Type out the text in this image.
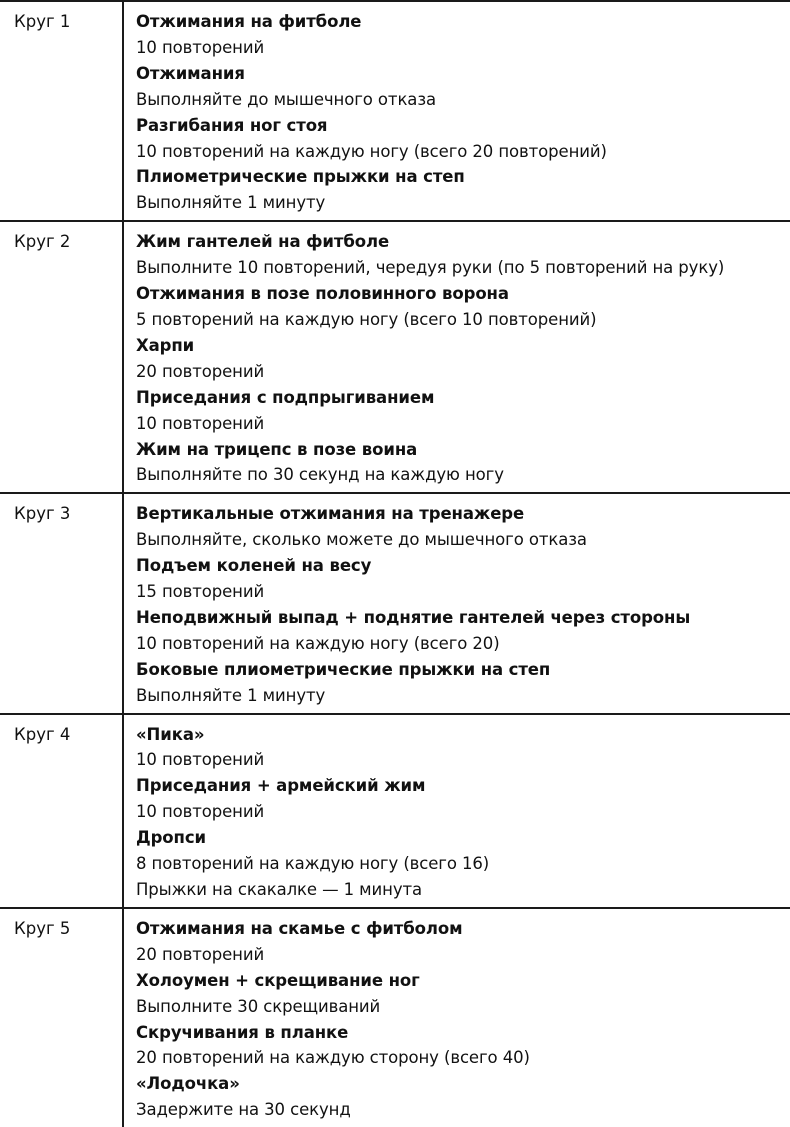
Круг 1	Отжимания на фитболе
10 повторений
Отжимания
Выполняйте до мышечного отказа
Разгибания ног стоя
10 повторений на каждую ногу (всего 20 повторений)
Плиометрические прыжки на степ
Выполняйте 1 минуту
Круг 2	Жим гантелей на фитболе
Выполните 10 повторений, чередуя руки (по 5 повторений на руку)
Отжимания в позе половинного ворона
5 повторений на каждую ногу (всего 10 повторений)
Харпи
20 повторений
Приседания с подпрыгиванием
10 повторений
Жим на трицепс в позе воина
Выполняйте по 30 секунд на каждую ногу
Круг 3	Вертикальные отжимания на тренажере
Выполняйте, сколько можете до мышечного отказа
Подъем коленей на весу
15 повторений
Неподвижный выпад + поднятие гантелей через стороны
10 повторений на каждую ногу (всего 20)
Боковые плиометрические прыжки на степ
Выполняйте 1 минуту
Круг 4	«Пика»
10 повторений
Приседания + армейский жим
10 повторений
Дропси
8 повторений на каждую ногу (всего 16)
Прыжки на скакалке — 1 минута
Круг 5	Отжимания на скамье с фитболом
20 повторений
Холоумен + скрещивание ног
Выполните 30 скрещиваний
Скручивания в планке
20 повторений на каждую сторону (всего 40)
«Лодочка»
Задержите на 30 секунд
